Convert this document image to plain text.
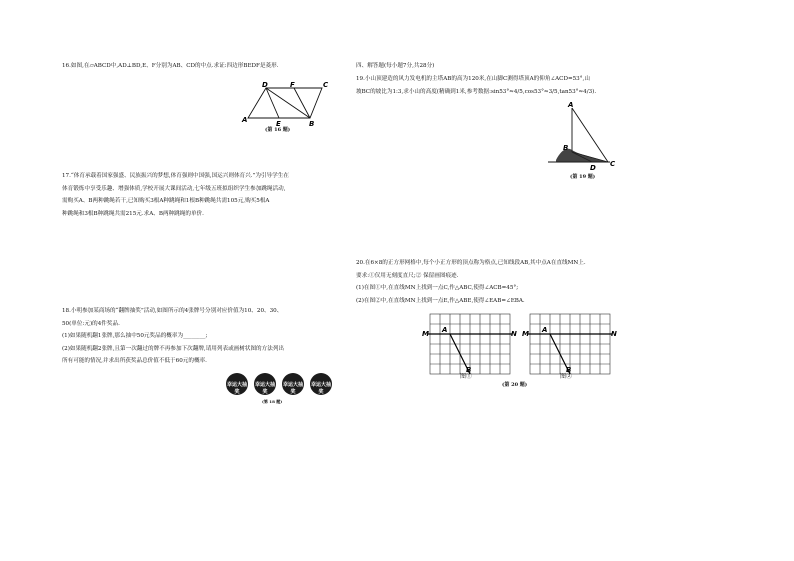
16.如图,在▱ABCD中,AD⊥BD,E、F分别为AB、CD的中点.求证:四边形BEDF是菱形.
D	F	C
A	E	B
(第 16 题)
17.“体育承载着国家强盛、民族振兴的梦想,体育强则中国强,国运兴则体育兴.”为引导学生在
体育锻炼中享受乐趣、增强体质,学校开展大课间活动,七年级五班拟组织学生参加跳绳活动,
需购买A、B两种跳绳若干,已知购买3根A种跳绳和1根B种跳绳共需105元,购买5根A
种跳绳和3根B种跳绳共需215元.求A、B两种跳绳的单价.
18.小明参加某商场的“翻牌抽奖”活动,如图所示的4张牌号分别对应价值为10、20、30、
50(单位:元)的4件奖品.
(1)如果随机翻1张牌,那么抽中50元奖品的概率为________;
(2)如果随机翻2张牌,且第一次翻过的牌不再参加下次翻牌,请用列表或画树状图的方法列出
所有可能的情况,并求出所获奖品总价值不低于60元的概率.
幸运大抽奖
幸运大抽奖
幸运大抽奖
幸运大抽奖
(第 18 题)
四、解答题(每小题7分,共28分)
19.小山顶建造的风力发电机的主塔AB的高为120米,在山脚C测得塔顶A的仰角∠ACD=53°,山
坡BC的坡比为1:3,求小山的高度(精确到1米,参考数据:sin53°≈4/5,cos53°≈3/5,tan53°≈4/3).
A
B
D C
(第 19 题)
20.在6×8的正方形网格中,每个小正方形的顶点称为格点,已知线段AB,其中点A在直线MN上.
要求:①仅用无刻度直尺;② 保留画图痕迹.
(1)在图①中,在直线MN上找到一点C,作△ABC,使得∠ACB=45°;
(2)在图②中,在直线MN上找到一点E,作△ABE,使得∠EAB=∠EBA.
M	N
A
B
图①
M	N
A
B
图②
(第 20 题)
